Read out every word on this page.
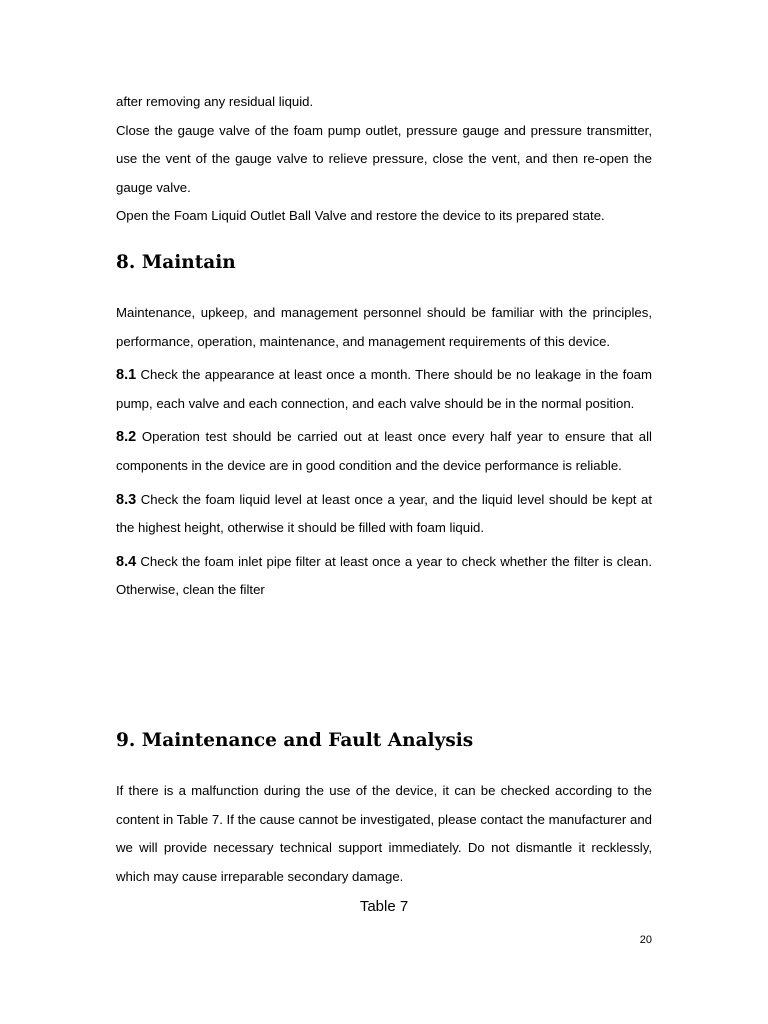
after removing any residual liquid.

Close the gauge valve of the foam pump outlet, pressure gauge and pressure transmitter, use the vent of the gauge valve to relieve pressure, close the vent, and then re-open the gauge valve.

Open the Foam Liquid Outlet Ball Valve and restore the device to its prepared state.

8. Maintain

Maintenance, upkeep, and management personnel should be familiar with the principles, performance, operation, maintenance, and management requirements of this device.

8.1 Check the appearance at least once a month. There should be no leakage in the foam pump, each valve and each connection, and each valve should be in the normal position.

8.2 Operation test should be carried out at least once every half year to ensure that all components in the device are in good condition and the device performance is reliable.

8.3 Check the foam liquid level at least once a year, and the liquid level should be kept at the highest height, otherwise it should be filled with foam liquid.

8.4 Check the foam inlet pipe filter at least once a year to check whether the filter is clean. Otherwise, clean the filter

9. Maintenance and Fault Analysis

If there is a malfunction during the use of the device, it can be checked according to the content in Table 7. If the cause cannot be investigated, please contact the manufacturer and we will provide necessary technical support immediately. Do not dismantle it recklessly, which may cause irreparable secondary damage.

Table 7

20
